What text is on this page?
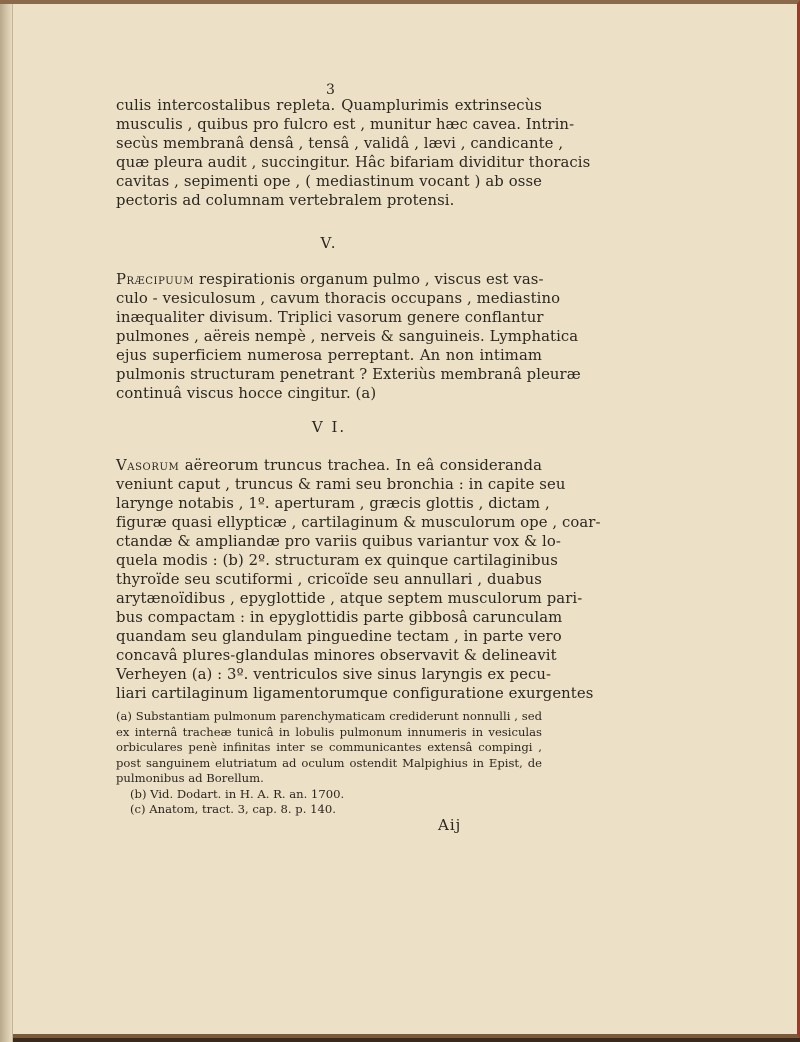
3
culis intercostalibus repleta. Quamplurimis extrinsecùs
musculis , quibus pro fulcro est , munitur hæc cavea. Intrin-
secùs membranâ densâ , tensâ , validâ , lævi , candicante ,
quæ pleura audit , succingitur. Hâc bifariam dividitur thoracis
cavitas , sepimenti ope , ( mediastinum vocant ) ab osse
pectoris ad columnam vertebralem protensi.
V.
Præcipuum respirationis organum pulmo , viscus est vas-
culo - vesiculosum , cavum thoracis occupans , mediastino
inæqualiter divisum. Triplici vasorum genere conflantur
pulmones , aëreis nempè , nerveis & sanguineis. Lymphatica
ejus superficiem numerosa perreptant. An non intimam
pulmonis structuram penetrant ? Exteriùs membranâ pleuræ
continuâ viscus hocce cingitur. (a)
V I.
Vasorum aëreorum truncus trachea. In eâ considerandа
veniunt caput , truncus & rami seu bronchia : in capite seu
larynge notabis , 1º. aperturam , græcis glottis , dictam ,
figuræ quasi ellypticæ , cartilaginum & musculorum ope , coar-
ctandæ & ampliandæ pro variis quibus variantur vox & lo-
quela modis : (b) 2º. structuram ex quinque cartilaginibus
thyroïde seu scutiformi , cricoïde seu annullari , duabus
arytænoïdibus , epyglottide , atque septem musculorum pari-
bus compactam : in epyglottidis parte gibbosâ carunculam
quandam seu glandulam pinguedine tectam , in parte vero
concavâ plures-glandulas minores observavit & delineavit
Verheyen (a) : 3º. ventriculos sive sinus laryngis ex pecu-
liari cartilaginum ligamentorumque configuratione exurgentes
(a) Substantiam pulmonum parenchymaticam crediderunt nonnulli , sed
ex internâ tracheæ tunicâ in lobulis pulmonum innumeris in vesiculas
orbiculares penè infinitas inter se communicantes extensâ compingi ,
post sanguinem elutriatum ad oculum ostendit Malpighius in Epist, de
pulmonibus ad Borellum.
(b) Vid. Dodart. in H. A. R. an. 1700.
(c) Anatom, tract. 3, cap. 8. p. 140.
Aij
